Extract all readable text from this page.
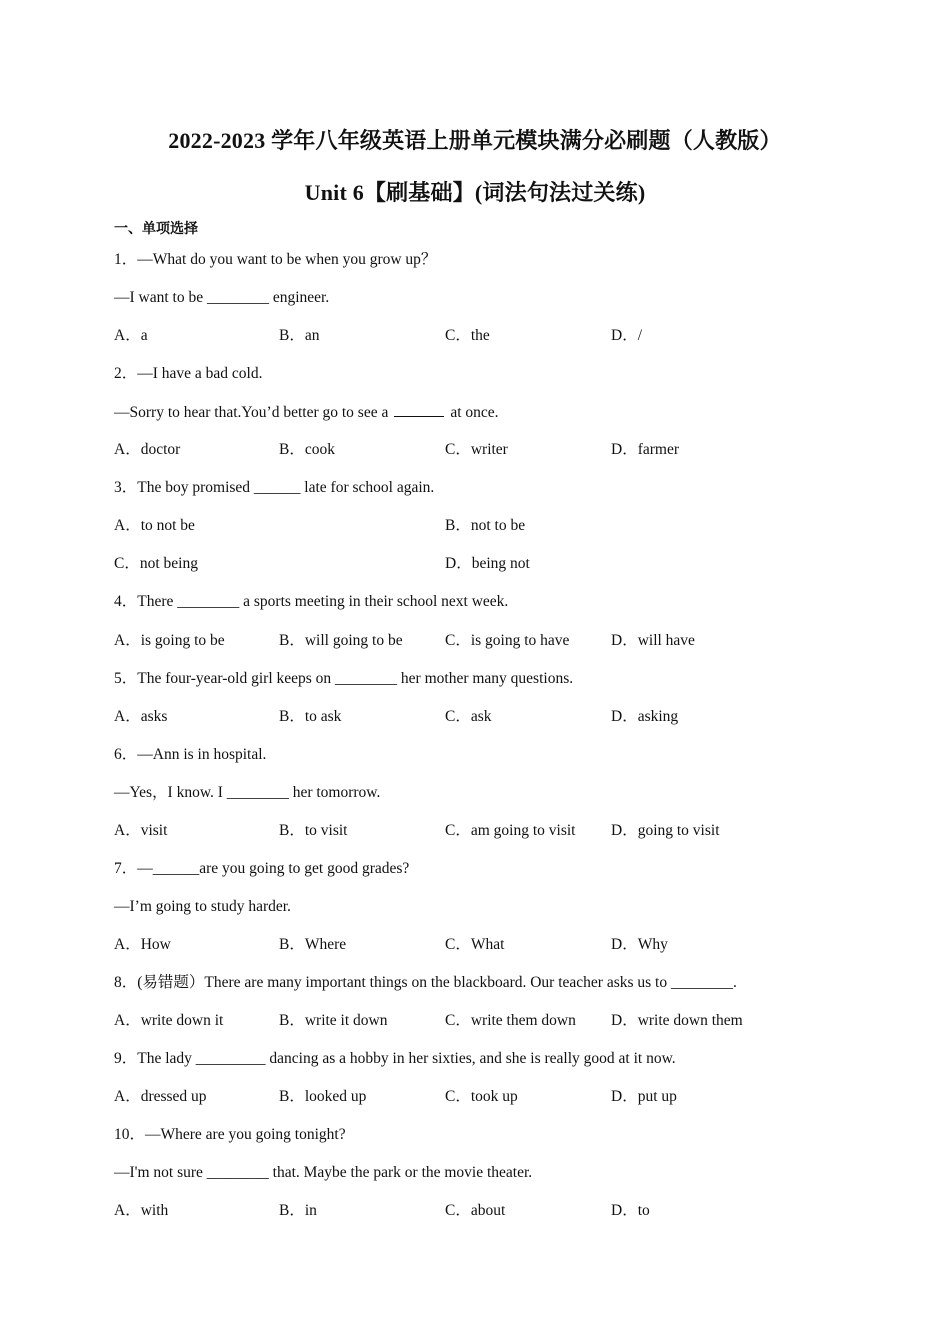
2022-2023 学年八年级英语上册单元模块满分必刷题（人教版）
Unit 6【刷基础】(词法句法过关练)
一、单项选择
1．—What do you want to be when you grow up？
—I want to be ________ engineer.
A．a	B．an	C．the	D．/
2．—I have a bad cold.
—Sorry to hear that.You’d better go to see a	at once.
A．doctor	B．cook	C．writer	D．farmer
3．The boy promised ______ late for school again.
A．to not be	B．not to be
C．not being	D．being not
4．There ________ a sports meeting in their school next week.
A．is going to be	B．will going to be	C．is going to have	D．will have
5．The four-year-old girl keeps on ________ her mother many questions.
A．asks	B．to ask	C．ask	D．asking
6．—Ann is in hospital.
—Yes，I know. I ________ her tomorrow.
A．visit	B．to visit	C．am going to visit D．going to visit
7．—______are you going to get good grades?
—I’m going to study harder.
A．How	B．Where	C．What	D．Why
8．(易错题）There are many important things on the blackboard. Our teacher asks us to ________.
A．write down it	B．write it down	C．write them down D．write down them
9．The lady _________ dancing as a hobby in her sixties, and she is really good at it now.
A．dressed up	B．looked up	C．took up	D．put up
10．—Where are you going tonight?
—I'm not sure ________ that. Maybe the park or the movie theater.
A．with	B．in	C．about	D．to
